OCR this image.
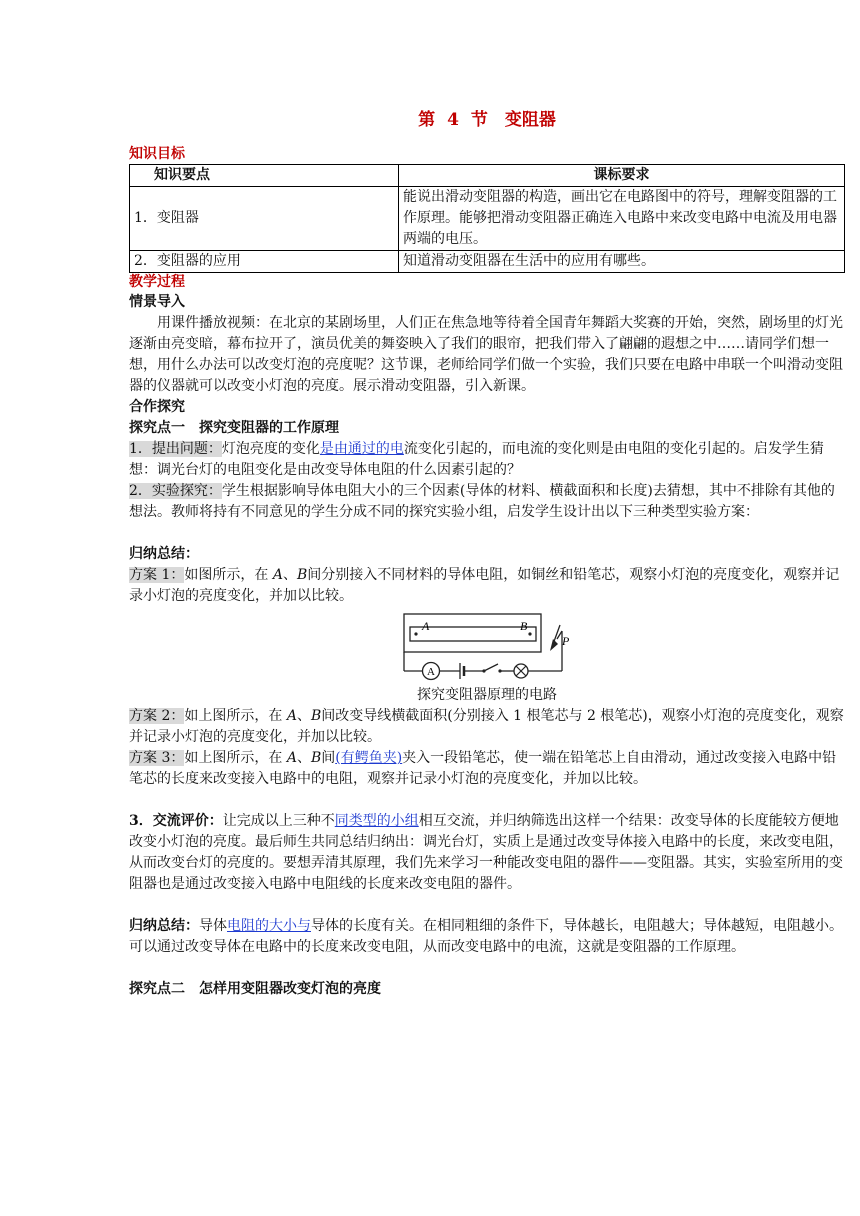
第 4 节　变阻器

知识目标

知识要点	课标要求
1．变阻器	能说出滑动变阻器的构造，画出它在电路图中的符号，理解变阻器的工作原理。能够把滑动变阻器正确连入电路中来改变电路中电流及用电器两端的电压。
2．变阻器的应用	知道滑动变阻器在生活中的应用有哪些。

教学过程

情景导入

用课件播放视频：在北京的某剧场里，人们正在焦急地等待着全国青年舞蹈大奖赛的开始，突然，剧场里的灯光逐渐由亮变暗，幕布拉开了，演员优美的舞姿映入了我们的眼帘，把我们带入了翩翩的遐想之中……请同学们想一想，用什么办法可以改变灯泡的亮度呢？这节课，老师给同学们做一个实验，我们只要在电路中串联一个叫滑动变阻器的仪器就可以改变小灯泡的亮度。展示滑动变阻器，引入新课。

合作探究

探究点一　探究变阻器的工作原理

1．提出问题：灯泡亮度的变化是由通过的电流变化引起的，而电流的变化则是由电阻的变化引起的。启发学生猜想：调光台灯的电阻变化是由改变导体电阻的什么因素引起的？

2．实验探究：学生根据影响导体电阻大小的三个因素(导体的材料、横截面积和长度)去猜想，其中不排除有其他的想法。教师将持有不同意见的学生分成不同的探究实验小组，启发学生设计出以下三种类型实验方案：

归纳总结：

方案 1：如图所示，在 A、B间分别接入不同材料的导体电阻，如铜丝和铅笔芯，观察小灯泡的亮度变化，观察并记录小灯泡的亮度变化，并加以比较。

A
A	B
P

探究变阻器原理的电路

方案 2：如上图所示，在 A、B间改变导线横截面积(分别接入 1 根笔芯与 2 根笔芯)，观察小灯泡的亮度变化，观察并记录小灯泡的亮度变化，并加以比较。

方案 3：如上图所示，在 A、B间(有鳄鱼夹)夹入一段铅笔芯，使一端在铅笔芯上自由滑动，通过改变接入电路中铅笔芯的长度来改变接入电路中的电阻，观察并记录小灯泡的亮度变化，并加以比较。

3．交流评价：让完成以上三种不同类型的小组相互交流，并归纳筛选出这样一个结果：改变导体的长度能较方便地改变小灯泡的亮度。最后师生共同总结归纳出：调光台灯，实质上是通过改变导体接入电路中的长度，来改变电阻，从而改变台灯的亮度的。要想弄清其原理，我们先来学习一种能改变电阻的器件——变阻器。其实，实验室所用的变阻器也是通过改变接入电路中电阻线的长度来改变电阻的器件。

归纳总结：导体电阻的大小与导体的长度有关。在相同粗细的条件下，导体越长，电阻越大；导体越短，电阻越小。可以通过改变导体在电路中的长度来改变电阻，从而改变电路中的电流，这就是变阻器的工作原理。

探究点二　怎样用变阻器改变灯泡的亮度
